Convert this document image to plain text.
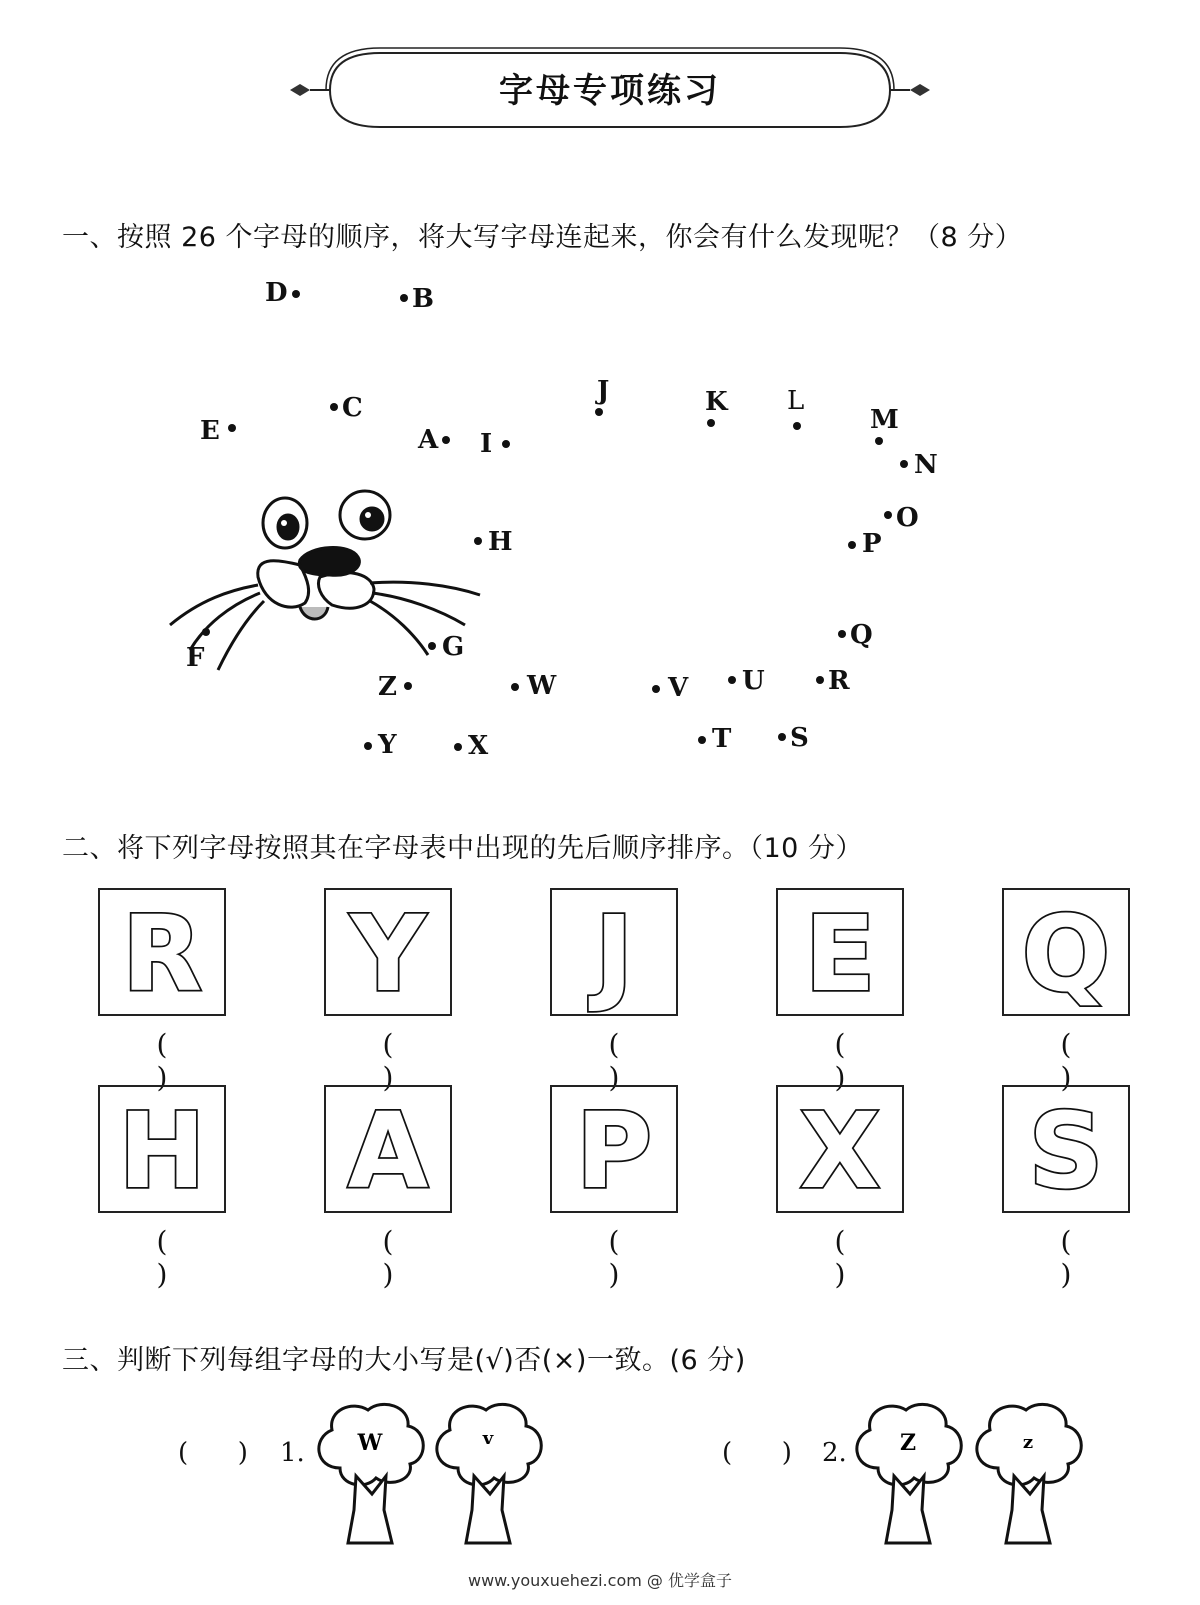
字母专项练习
一、按照 26 个字母的顺序，将大写字母连起来，你会有什么发现呢？（8 分）
D	B
C
E	A I
J	K L
M
N
O
P
H
Q
G
F
Z	W	V U R
Y	X	T S
二、将下列字母按照其在字母表中出现的先后顺序排序。（10 分）
R
( )
Y
( )
J
( )
E
( )
Q
( )
H
( )
A
( )
P
( )
X
( )
S
( )
三、判断下列每组字母的大小写是(√)否(×)一致。(6 分)
(      ) 1. W	v	(      ) 2. Z	z
www.youxuehezi.com @ 优学盒子
